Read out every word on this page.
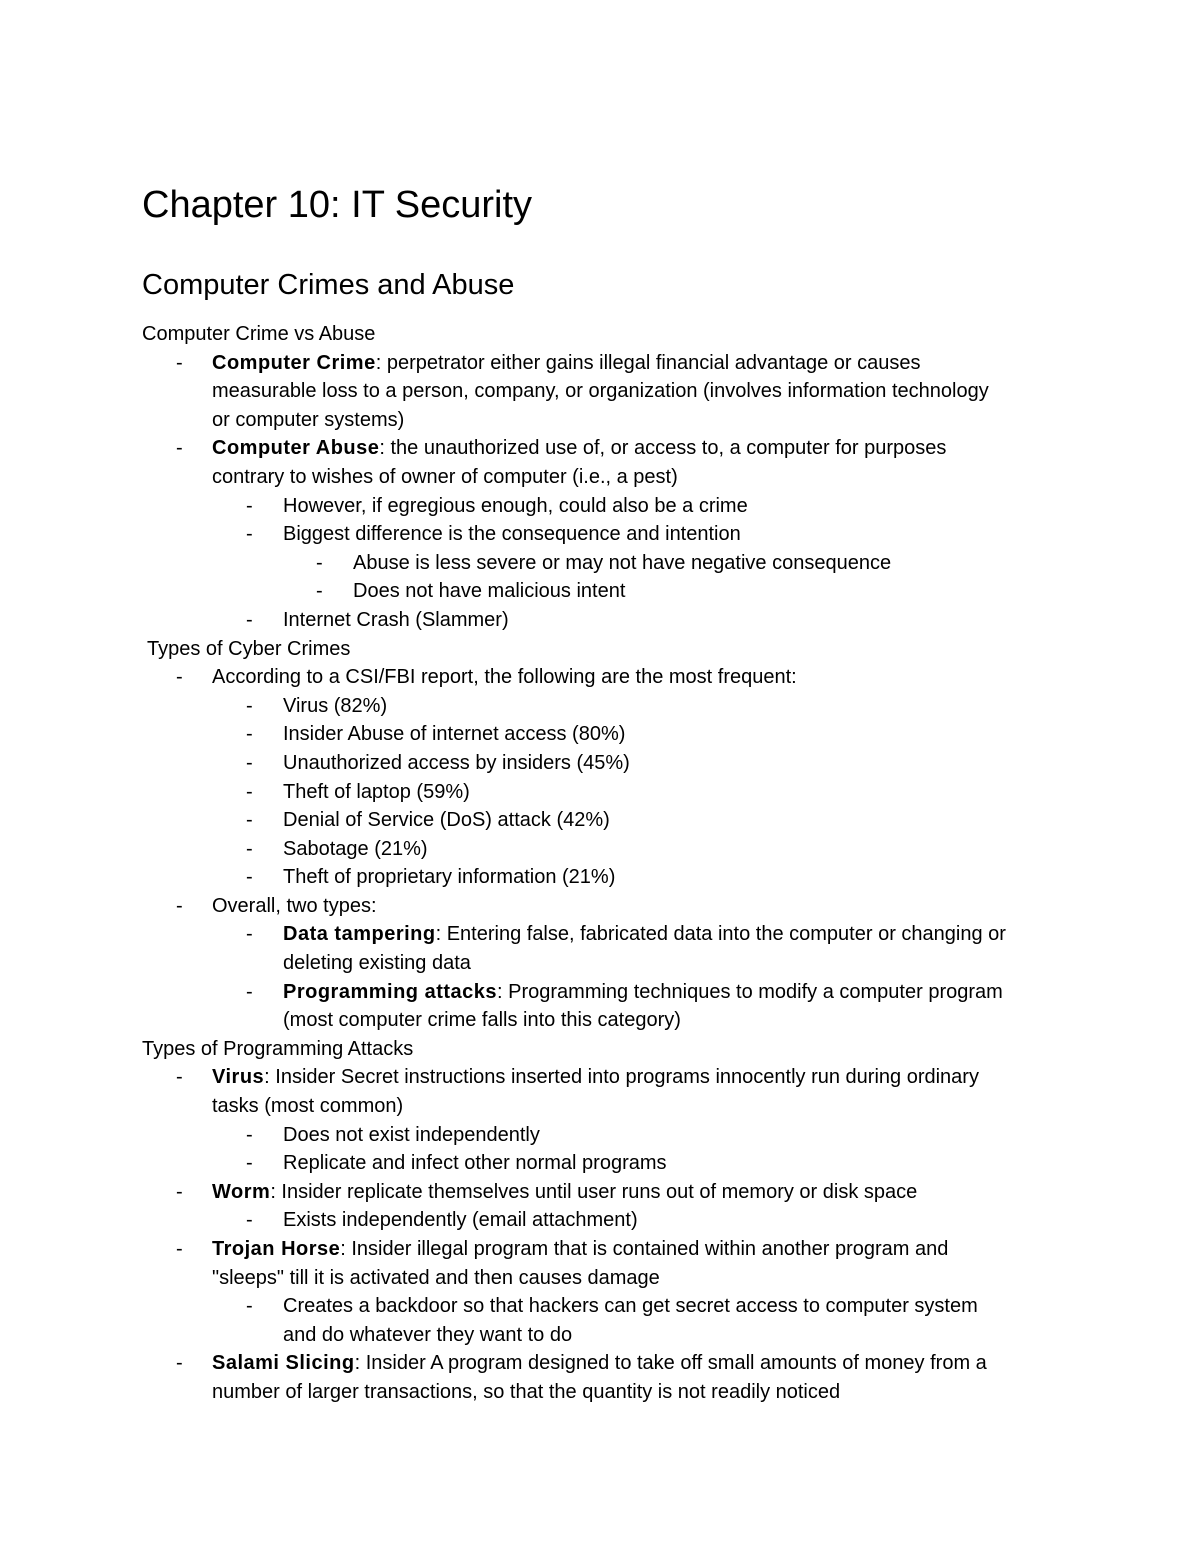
Chapter 10: IT Security
Computer Crimes and Abuse
Computer Crime vs Abuse
- Computer Crime: perpetrator either gains illegal financial advantage or causes
measurable loss to a person, company, or organization (involves information technology
or computer systems)
- Computer Abuse: the unauthorized use of, or access to, a computer for purposes
contrary to wishes of owner of computer (i.e., a pest)
- However, if egregious enough, could also be a crime
- Biggest difference is the consequence and intention
- Abuse is less severe or may not have negative consequence
- Does not have malicious intent
- Internet Crash (Slammer)
Types of Cyber Crimes
- According to a CSI/FBI report, the following are the most frequent:
- Virus (82%)
- Insider Abuse of internet access (80%)
- Unauthorized access by insiders (45%)
- Theft of laptop (59%)
- Denial of Service (DoS) attack (42%)
- Sabotage (21%)
- Theft of proprietary information (21%)
- Overall, two types:
- Data tampering: Entering false, fabricated data into the computer or changing or
deleting existing data
- Programming attacks: Programming techniques to modify a computer program
(most computer crime falls into this category)
Types of Programming Attacks
- Virus: Insider Secret instructions inserted into programs innocently run during ordinary
tasks (most common)
- Does not exist independently
- Replicate and infect other normal programs
- Worm: Insider replicate themselves until user runs out of memory or disk space
- Exists independently (email attachment)
- Trojan Horse: Insider illegal program that is contained within another program and
"sleeps" till it is activated and then causes damage
- Creates a backdoor so that hackers can get secret access to computer system
and do whatever they want to do
- Salami Slicing: Insider A program designed to take off small amounts of money from a
number of larger transactions, so that the quantity is not readily noticed
